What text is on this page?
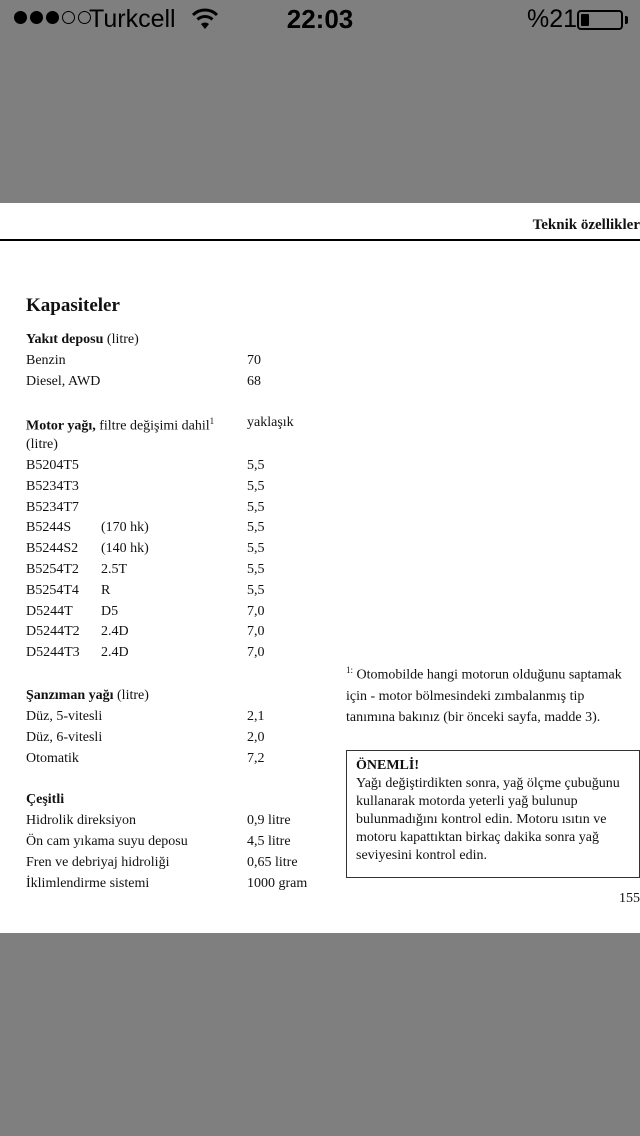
Turkcell	22:03	%21
Teknik özellikler
Kapasiteler
Yakıt deposu (litre)
Benzin	70
Diesel, AWD	68
Motor yağı, filtre değişimi dahil$^1$ yaklaşık
(litre)
B5204T5	5,5
B5234T3	5,5
B5234T7	5,5
B5244S (170 hk)	5,5
B5244S2 (140 hk)	5,5
B5254T2 2.5T	5,5
B5254T4 R	5,5
D5244T D5	7,0
D5244T2 2.4D	7,0
D5244T3 2.4D	7,0
Şanzıman yağı (litre)
Düz, 5-vitesli	2,1
Düz, 6-vitesli	2,0
Otomatik	7,2
Çeşitli
Hidrolik direksiyon	0,9 litre
Ön cam yıkama suyu deposu	4,5 litre
Fren ve debriyaj hidroliği	0,65 litre
İklimlendirme sistemi	1000 gram
$^{1:}$ Otomobilde hangi motorun olduğunu saptamak için - motor bölmesindeki zımbalanmış tip tanımına bakınız (bir önceki sayfa, madde 3).
ÖNEMLİ!
Yağı değiştirdikten sonra, yağ ölçme çubuğunu kullanarak motorda yeterli yağ bulunup bulunmadığını kontrol edin. Motoru ısıtın ve motoru kapattıktan birkaç dakika sonra yağ seviyesini kontrol edin.
155
